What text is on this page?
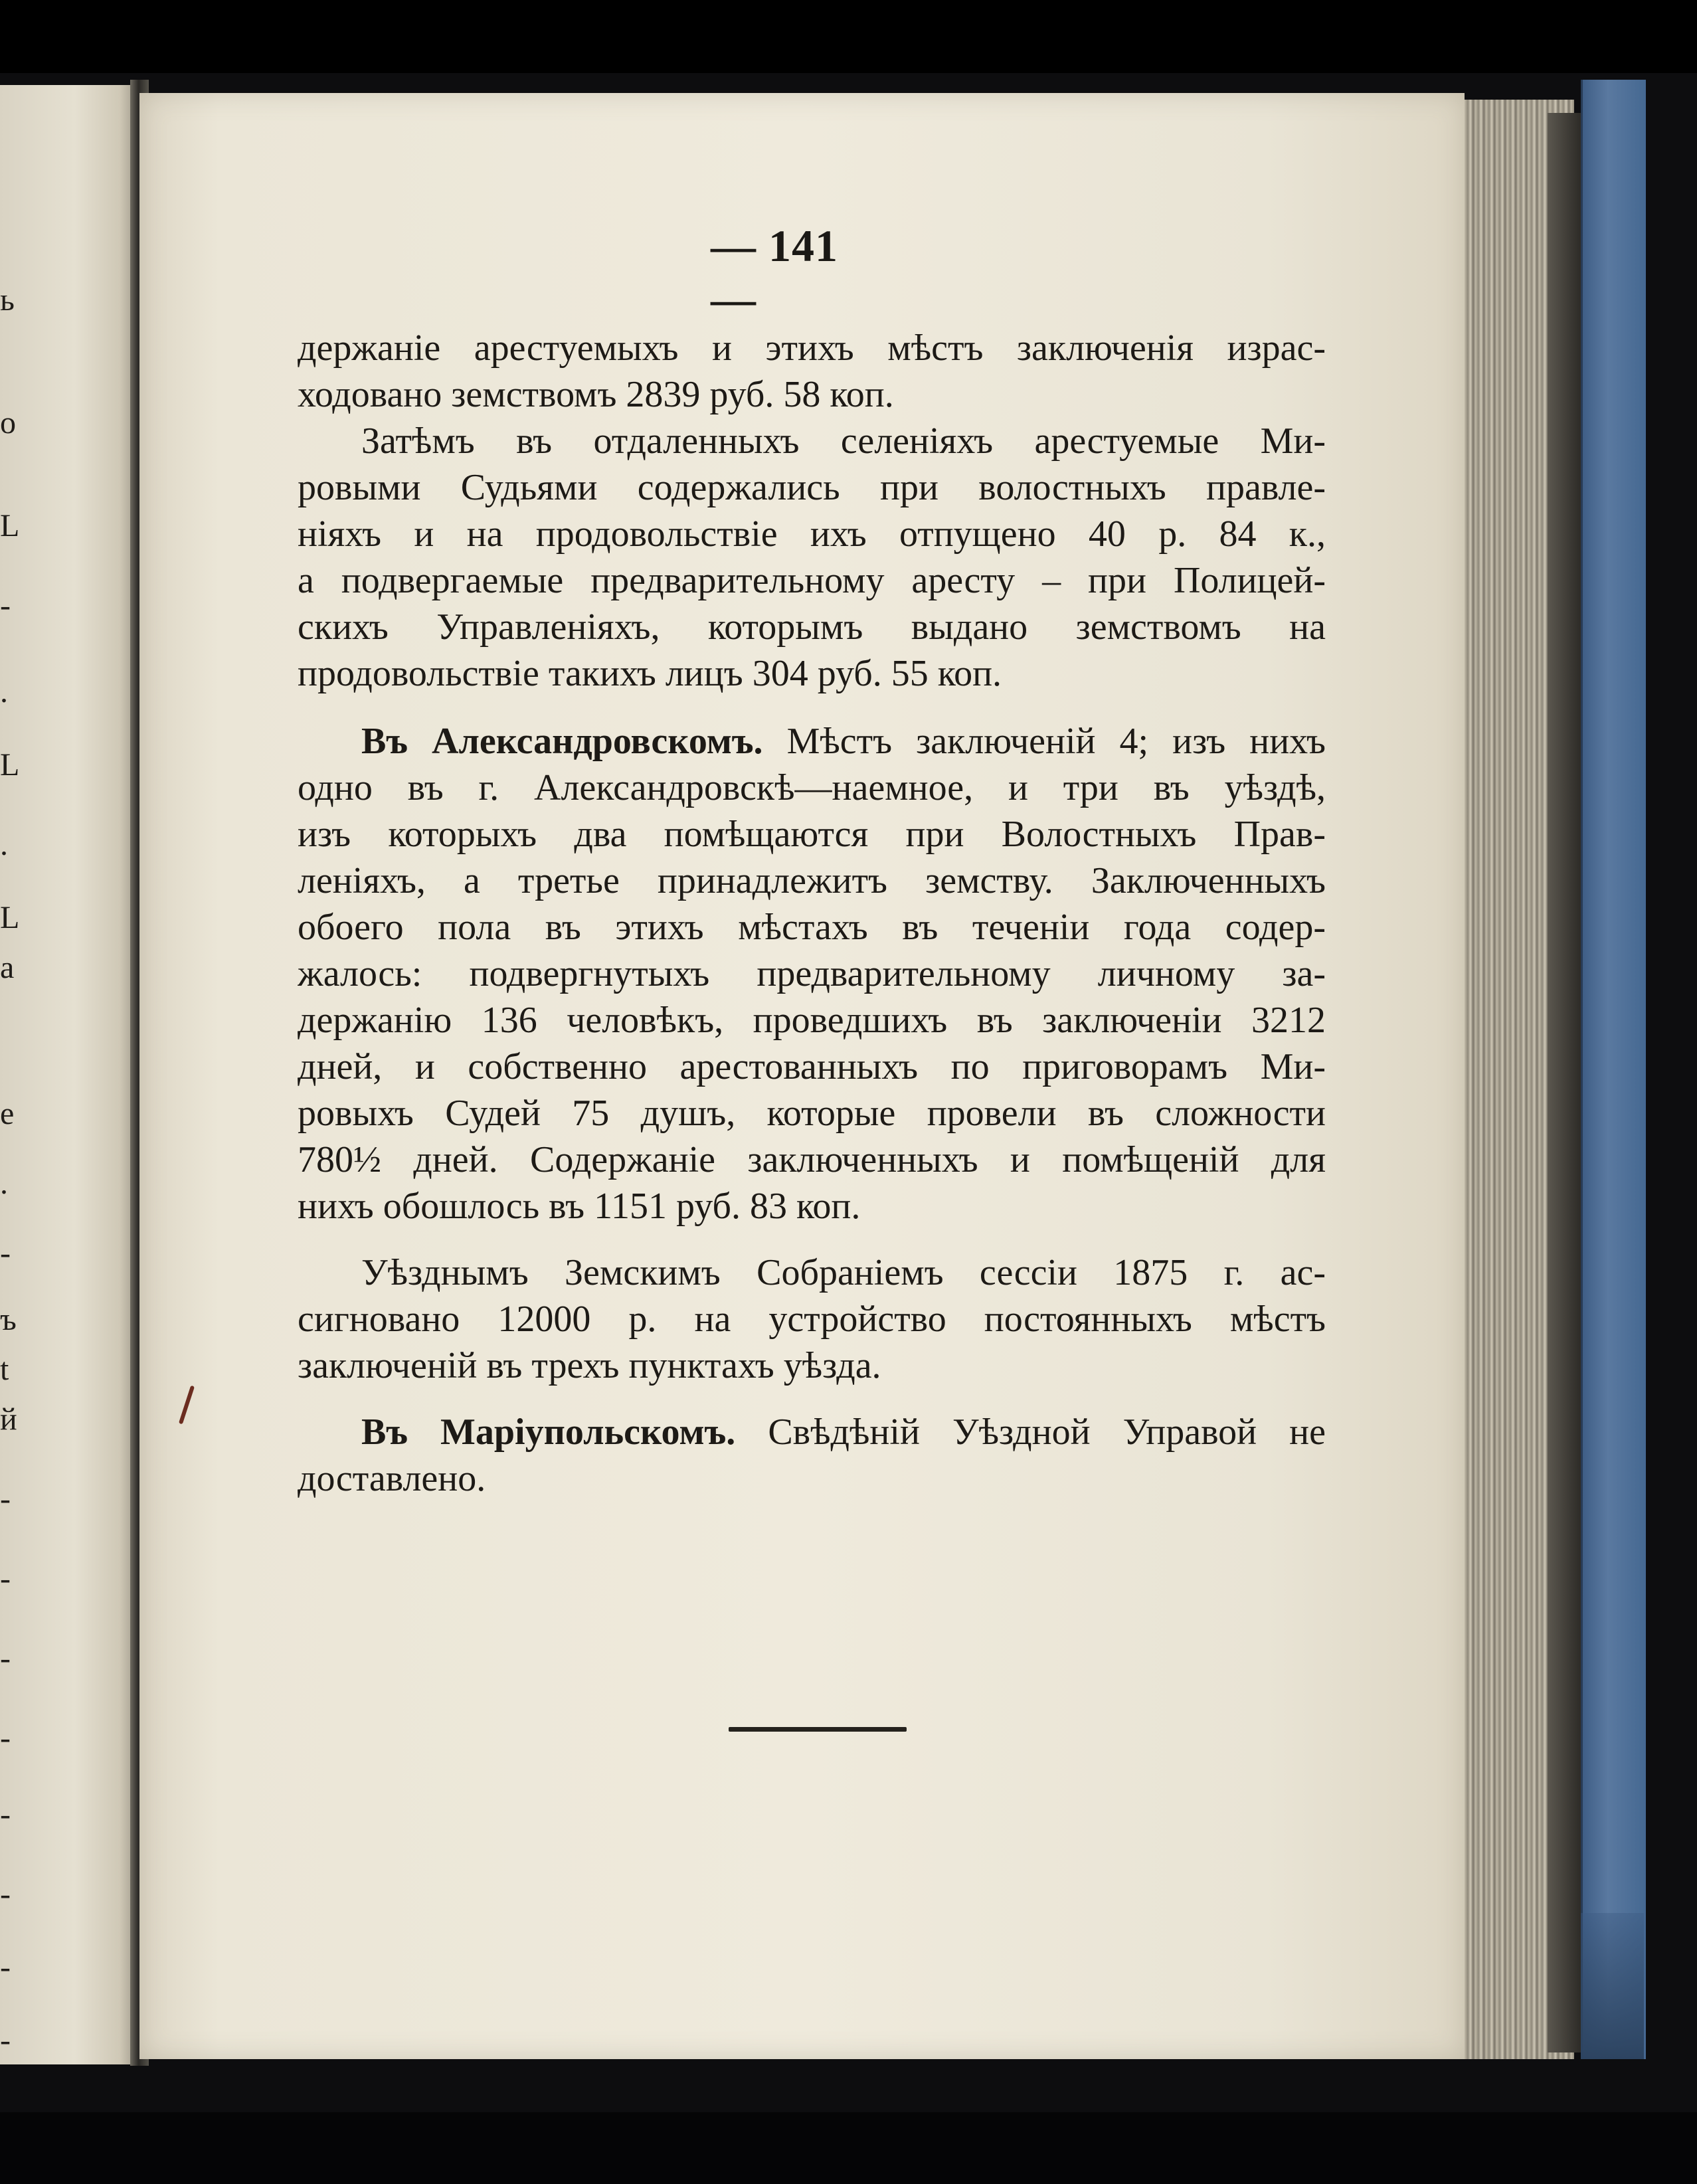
ь
о
L
-
.
L
.
L
a
e
.
-
ъ
t
й
-
-
-
-
-
-
-
-
— 141 —
держаніе арестуемыхъ и этихъ мѣстъ заключенія израс-
ходовано земствомъ 2839 руб. 58 коп.
Затѣмъ въ отдаленныхъ селеніяхъ арестуемые Ми-
ровыми Судьями содержались при волостныхъ правле-
ніяхъ и на продовольствіе ихъ отпущено 40 р. 84 к.,
а подвергаемые предварительному аресту – при Полицей-
скихъ Управленіяхъ, которымъ выдано земствомъ на
продовольствіе такихъ лицъ 304 руб. 55 коп.
Въ Александровскомъ. Мѣстъ заключеній 4; изъ нихъ
одно въ г. Александровскѣ—наемное, и три въ уѣздѣ,
изъ которыхъ два помѣщаются при Волостныхъ Прав-
леніяхъ, а третье принадлежитъ земству. Заключенныхъ
обоего пола въ этихъ мѣстахъ въ теченіи года содер-
жалось: подвергнутыхъ предварительному личному за-
держанію 136 человѣкъ, проведшихъ въ заключеніи 3212
дней, и собственно арестованныхъ по приговорамъ Ми-
ровыхъ Судей 75 душъ, которые провели въ сложности
780½ дней. Содержаніе заключенныхъ и помѣщеній для
нихъ обошлось въ 1151 руб. 83 коп.
Уѣзднымъ Земскимъ Собраніемъ сессіи 1875 г. ас-
сигновано 12000 р. на устройство постоянныхъ мѣстъ
заключеній въ трехъ пунктахъ уѣзда.
Въ Маріупольскомъ. Свѣдѣній Уѣздной Управой не
доставлено.
